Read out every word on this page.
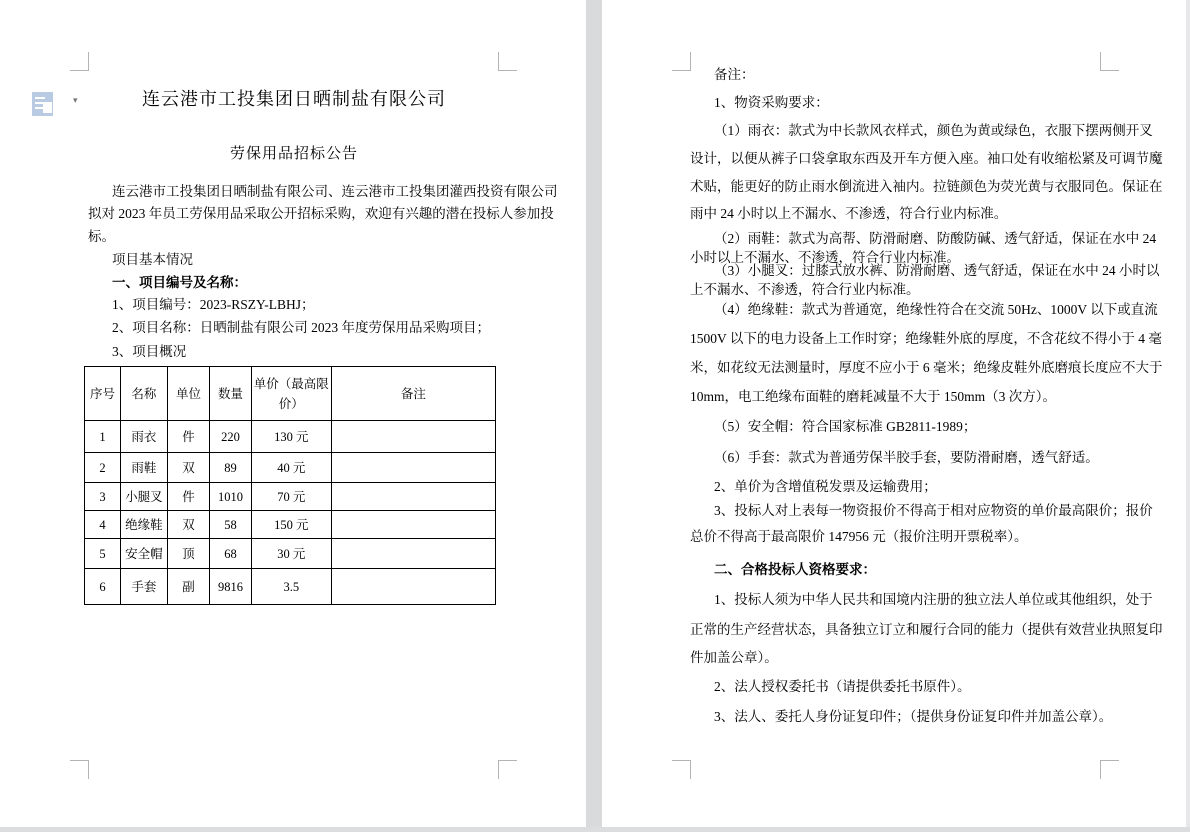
▾	连云港市工投集团日晒制盐有限公司
劳保用品招标公告
连云港市工投集团日晒制盐有限公司、连云港市工投集团灌西投资有限公司
拟对 2023 年员工劳保用品采取公开招标采购，欢迎有兴趣的潜在投标人参加投
标。
项目基本情况
一、项目编号及名称：
1、项目编号：2023-RSZY-LBHJ；
2、项目名称：日晒制盐有限公司 2023 年度劳保用品采购项目；
3、项目概况
序号	名称	单位	数量	单价（最高限价）	备注
1	雨衣	件	220	130 元	
2	雨鞋	双	89	40 元	
3	小腿叉	件	1010	70 元	
4	绝缘鞋	双	58	150 元	
5	安全帽	顶	68	30 元	
6	手套	副	9816	3.5	
备注：
1、物资采购要求：
（1）雨衣：款式为中长款风衣样式，颜色为黄或绿色，衣服下摆两侧开叉
设计，以便从裤子口袋拿取东西及开车方便入座。袖口处有收缩松紧及可调节魔
术贴，能更好的防止雨水倒流进入袖内。拉链颜色为荧光黄与衣服同色。保证在
雨中 24 小时以上不漏水、不渗透，符合行业内标准。
（2）雨鞋：款式为高帮、防滑耐磨、防酸防碱、透气舒适，保证在水中 24
小时以上不漏水、不渗透，符合行业内标准。
（3）小腿叉：过膝式放水裤、防滑耐磨、透气舒适，保证在水中 24 小时以
上不漏水、不渗透，符合行业内标准。
（4）绝缘鞋：款式为普通宽，绝缘性符合在交流 50Hz、1000V 以下或直流
1500V 以下的电力设备上工作时穿；绝缘鞋外底的厚度，不含花纹不得小于 4 毫
米，如花纹无法测量时，厚度不应小于 6 毫米；绝缘皮鞋外底磨痕长度应不大于
10mm，电工绝缘布面鞋的磨耗减量不大于 150mm（3 次方）。
（5）安全帽：符合国家标准 GB2811-1989；
（6）手套：款式为普通劳保半胶手套，要防滑耐磨，透气舒适。
2、单价为含增值税发票及运输费用；
3、投标人对上表每一物资报价不得高于相对应物资的单价最高限价；报价
总价不得高于最高限价 147956 元（报价注明开票税率）。
二、合格投标人资格要求：
1、投标人须为中华人民共和国境内注册的独立法人单位或其他组织，处于
正常的生产经营状态，具备独立订立和履行合同的能力（提供有效营业执照复印
件加盖公章）。
2、法人授权委托书（请提供委托书原件）。
3、法人、委托人身份证复印件；（提供身份证复印件并加盖公章）。
